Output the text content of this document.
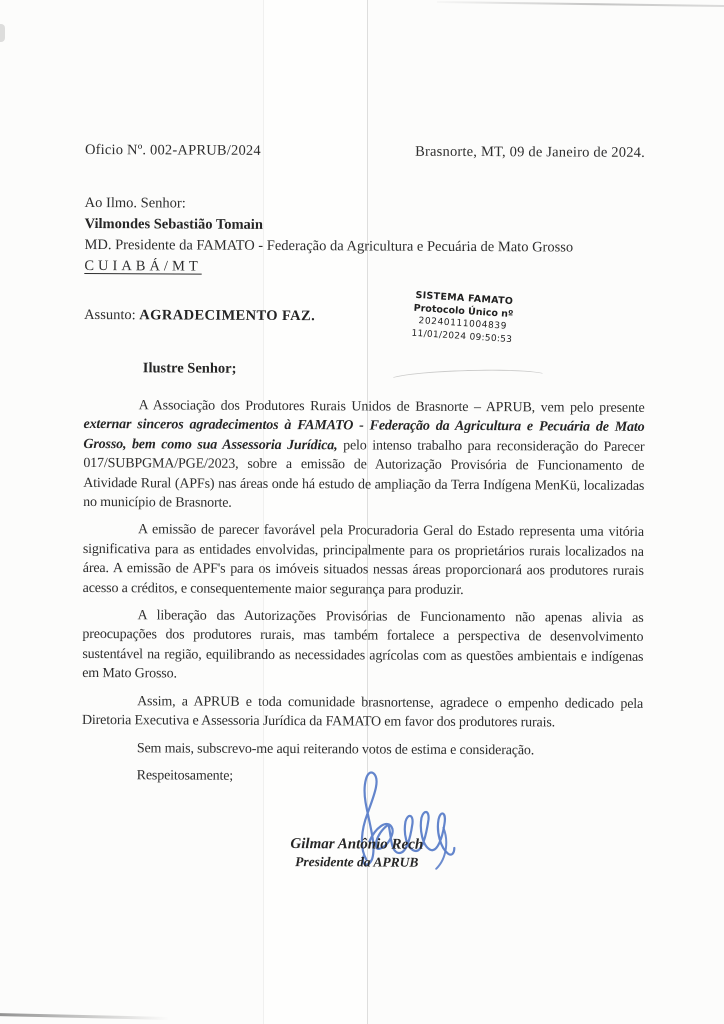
Oficio Nº. 002-APRUB/2024	Brasnorte, MT, 09 de Janeiro de 2024.
Ao Ilmo. Senhor:
Vilmondes Sebastião Tomain
MD. Presidente da FAMATO - Federação da Agricultura e Pecuária de Mato Grosso
CUIABÁ/MT
Assunto: AGRADECIMENTO FAZ.
SISTEMA FAMATO
Protocolo Único nº
20240111004839
11/01/2024 09:50:53
Ilustre Senhor;

A Associação dos Produtores Rurais Unidos de Brasnorte – APRUB, vem pelo presente externar sinceros agradecimentos à FAMATO - Federação da Agricultura e Pecuária de Mato Grosso, bem como sua Assessoria Jurídica, pelo intenso trabalho para reconsideração do Parecer 017/SUBPGMA/PGE/2023, sobre a emissão de Autorização Provisória de Funcionamento de Atividade Rural (APFs) nas áreas onde há estudo de ampliação da Terra Indígena MenKü, localizadas no município de Brasnorte.

A emissão de parecer favorável pela Procuradoria Geral do Estado representa uma vitória significativa para as entidades envolvidas, principalmente para os proprietários rurais localizados na área. A emissão de APF's para os imóveis situados nessas áreas proporcionará aos produtores rurais acesso a créditos, e consequentemente maior segurança para produzir.

A liberação das Autorizações Provisórias de Funcionamento não apenas alivia as preocupações dos produtores rurais, mas também fortalece a perspectiva de desenvolvimento sustentável na região, equilibrando as necessidades agrícolas com as questões ambientais e indígenas em Mato Grosso.

Assim, a APRUB e toda comunidade brasnortense, agradece o empenho dedicado pela Diretoria Executiva e Assessoria Jurídica da FAMATO em favor dos produtores rurais.

Sem mais, subscrevo-me aqui reiterando votos de estima e consideração.

Respeitosamente;

Gilmar Antônio Rech
Presidente da APRUB
